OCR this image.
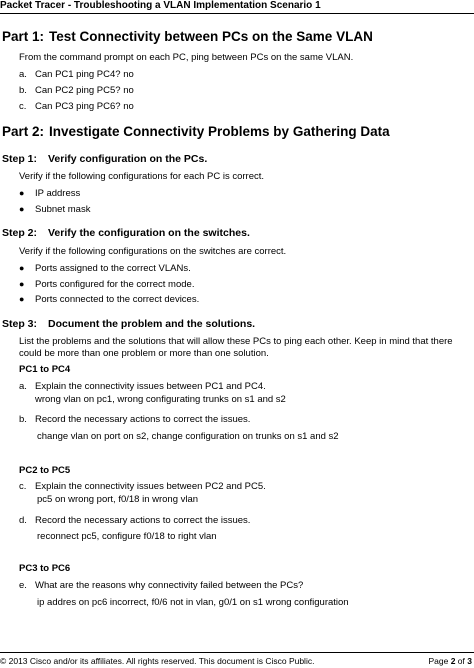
Packet Tracer - Troubleshooting a VLAN Implementation Scenario 1
Part 1: Test Connectivity between PCs on the Same VLAN
From the command prompt on each PC, ping between PCs on the same VLAN.
a. Can PC1 ping PC4? no
b. Can PC2 ping PC5? no
c. Can PC3 ping PC6? no
Part 2: Investigate Connectivity Problems by Gathering Data
Step 1: Verify configuration on the PCs.
Verify if the following configurations for each PC is correct.
● IP address
● Subnet mask
Step 2: Verify the configuration on the switches.
Verify if the following configurations on the switches are correct.
● Ports assigned to the correct VLANs.
● Ports configured for the correct mode.
● Ports connected to the correct devices.
Step 3: Document the problem and the solutions.
List the problems and the solutions that will allow these PCs to ping each other. Keep in mind that there could be more than one problem or more than one solution.
PC1 to PC4
a. Explain the connectivity issues between PC1 and PC4.
wrong vlan on pc1, wrong configurating trunks on s1 and s2
b. Record the necessary actions to correct the issues.
change vlan on port on s2, change configuration on trunks on s1 and s2
PC2 to PC5
c. Explain the connectivity issues between PC2 and PC5.
pc5 on wrong port, f0/18 in wrong vlan
d. Record the necessary actions to correct the issues.
reconnect pc5, configure f0/18 to right vlan
PC3 to PC6
e. What are the reasons why connectivity failed between the PCs?
ip addres on pc6 incorrect, f0/6 not in vlan, g0/1 on s1 wrong configuration
© 2013 Cisco and/or its affiliates. All rights reserved. This document is Cisco Public.	Page 2 of 3
